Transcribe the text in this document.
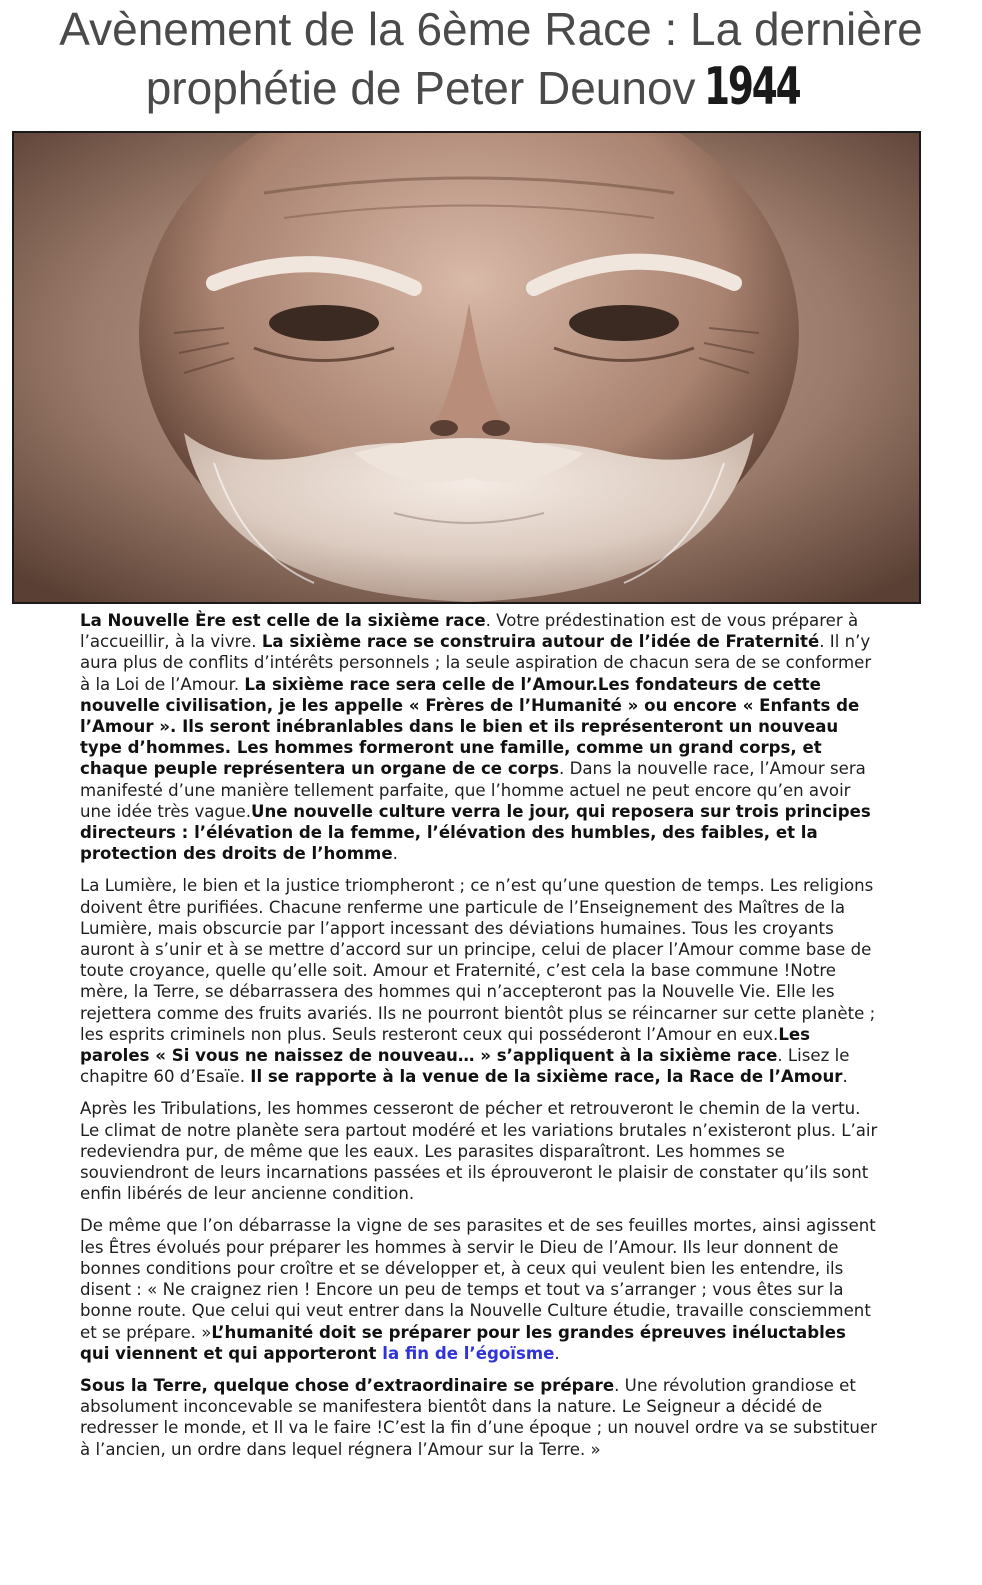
Avènement de la 6ème Race : La dernière prophétie de Peter Deunov 1944

La Nouvelle Ère est celle de la sixième race. Votre prédestination est de vous préparer à l’accueillir, à la vivre. La sixième race se construira autour de l’idée de Fraternité. Il n’y aura plus de conflits d’intérêts personnels ; la seule aspiration de chacun sera de se conformer à la Loi de l’Amour. La sixième race sera celle de l’Amour.Les fondateurs de cette nouvelle civilisation, je les appelle « Frères de l’Humanité » ou encore « Enfants de l’Amour ». Ils seront inébranlables dans le bien et ils représenteront un nouveau type d’hommes. Les hommes formeront une famille, comme un grand corps, et chaque peuple représentera un organe de ce corps. Dans la nouvelle race, l’Amour sera manifesté d’une manière tellement parfaite, que l’homme actuel ne peut encore qu’en avoir une idée très vague.Une nouvelle culture verra le jour, qui reposera sur trois principes directeurs : l’élévation de la femme, l’élévation des humbles, des faibles, et la protection des droits de l’homme.

La Lumière, le bien et la justice triompheront ; ce n’est qu’une question de temps. Les religions doivent être purifiées. Chacune renferme une particule de l’Enseignement des Maîtres de la Lumière, mais obscurcie par l’apport incessant des déviations humaines. Tous les croyants auront à s’unir et à se mettre d’accord sur un principe, celui de placer l’Amour comme base de toute croyance, quelle qu’elle soit. Amour et Fraternité, c’est cela la base commune !Notre mère, la Terre, se débarrassera des hommes qui n’accepteront pas la Nouvelle Vie. Elle les rejettera comme des fruits avariés. Ils ne pourront bientôt plus se réincarner sur cette planète ; les esprits criminels non plus. Seuls resteront ceux qui posséderont l’Amour en eux.Les paroles « Si vous ne naissez de nouveau… » s’appliquent à la sixième race. Lisez le chapitre 60 d’Esaïe. Il se rapporte à la venue de la sixième race, la Race de l’Amour.

Après les Tribulations, les hommes cesseront de pécher et retrouveront le chemin de la vertu. Le climat de notre planète sera partout modéré et les variations brutales n’existeront plus. L’air redeviendra pur, de même que les eaux. Les parasites disparaîtront. Les hommes se souviendront de leurs incarnations passées et ils éprouveront le plaisir de constater qu’ils sont enfin libérés de leur ancienne condition.

De même que l’on débarrasse la vigne de ses parasites et de ses feuilles mortes, ainsi agissent les Êtres évolués pour préparer les hommes à servir le Dieu de l’Amour. Ils leur donnent de bonnes conditions pour croître et se développer et, à ceux qui veulent bien les entendre, ils disent : « Ne craignez rien ! Encore un peu de temps et tout va s’arranger ; vous êtes sur la bonne route. Que celui qui veut entrer dans la Nouvelle Culture étudie, travaille consciemment et se prépare. »L’humanité doit se préparer pour les grandes épreuves inéluctables qui viennent et qui apporteront la fin de l’égoïsme.

Sous la Terre, quelque chose d’extraordinaire se prépare. Une révolution grandiose et absolument inconcevable se manifestera bientôt dans la nature. Le Seigneur a décidé de redresser le monde, et Il va le faire !C’est la fin d’une époque ; un nouvel ordre va se substituer à l’ancien, un ordre dans lequel régnera l’Amour sur la Terre. »
